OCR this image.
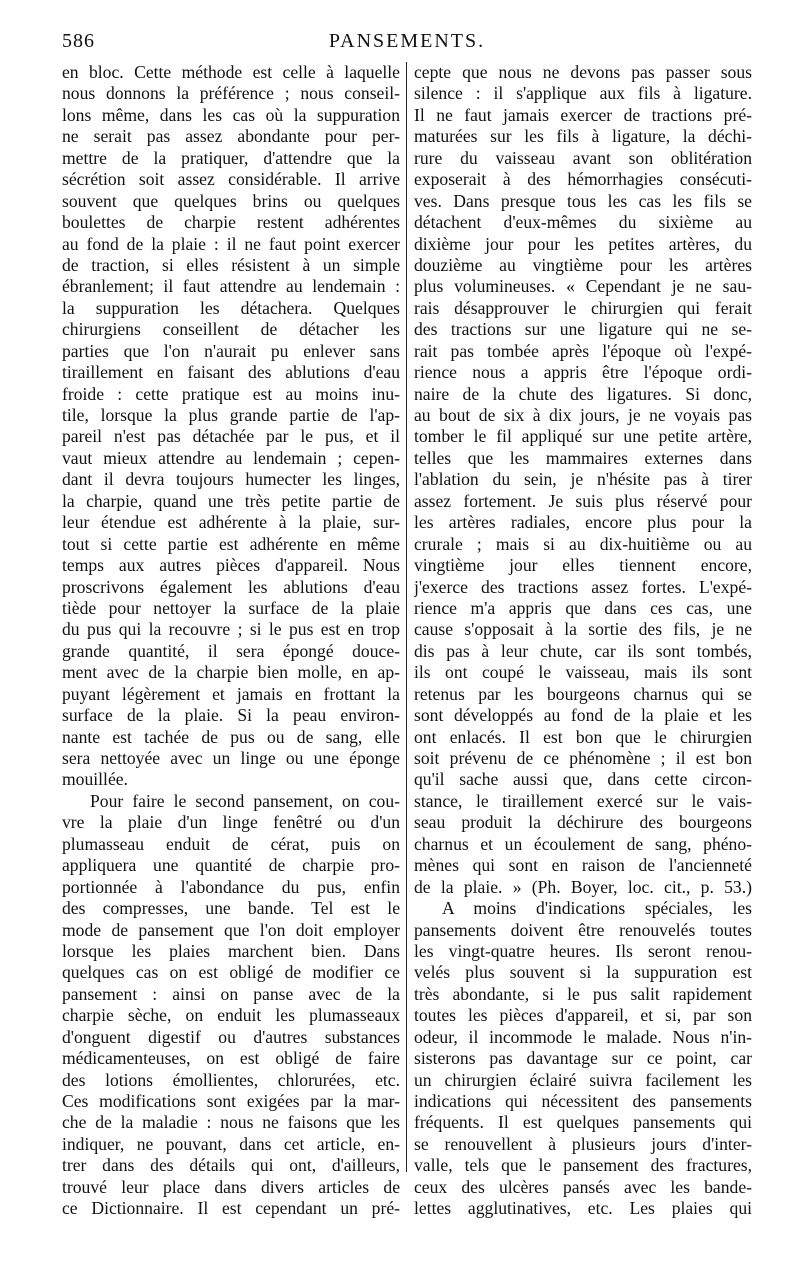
586	PANSEMENTS.
en bloc. Cette méthode est celle à laquelle
nous donnons la préférence ; nous conseil-
lons même, dans les cas où la suppuration
ne serait pas assez abondante pour per-
mettre de la pratiquer, d'attendre que la
sécrétion soit assez considérable. Il arrive
souvent que quelques brins ou quelques
boulettes de charpie restent adhérentes
au fond de la plaie : il ne faut point exercer
de traction, si elles résistent à un simple
ébranlement; il faut attendre au lendemain :
la suppuration les détachera. Quelques
chirurgiens conseillent de détacher les
parties que l'on n'aurait pu enlever sans
tiraillement en faisant des ablutions d'eau
froide : cette pratique est au moins inu-
tile, lorsque la plus grande partie de l'ap-
pareil n'est pas détachée par le pus, et il
vaut mieux attendre au lendemain ; cepen-
dant il devra toujours humecter les linges,
la charpie, quand une très petite partie de
leur étendue est adhérente à la plaie, sur-
tout si cette partie est adhérente en même
temps aux autres pièces d'appareil. Nous
proscrivons également les ablutions d'eau
tiède pour nettoyer la surface de la plaie
du pus qui la recouvre ; si le pus est en trop
grande quantité, il sera épongé douce-
ment avec de la charpie bien molle, en ap-
puyant légèrement et jamais en frottant la
surface de la plaie. Si la peau environ-
nante est tachée de pus ou de sang, elle
sera nettoyée avec un linge ou une éponge
mouillée.
Pour faire le second pansement, on cou-
vre la plaie d'un linge fenêtré ou d'un
plumasseau enduit de cérat, puis on
appliquera une quantité de charpie pro-
portionnée à l'abondance du pus, enfin
des compresses, une bande. Tel est le
mode de pansement que l'on doit employer
lorsque les plaies marchent bien. Dans
quelques cas on est obligé de modifier ce
pansement : ainsi on panse avec de la
charpie sèche, on enduit les plumasseaux
d'onguent digestif ou d'autres substances
médicamenteuses, on est obligé de faire
des lotions émollientes, chlorurées, etc.
Ces modifications sont exigées par la mar-
che de la maladie : nous ne faisons que les
indiquer, ne pouvant, dans cet article, en-
trer dans des détails qui ont, d'ailleurs,
trouvé leur place dans divers articles de
ce Dictionnaire. Il est cependant un pré-
cepte que nous ne devons pas passer sous
silence : il s'applique aux fils à ligature.
Il ne faut jamais exercer de tractions pré-
maturées sur les fils à ligature, la déchi-
rure du vaisseau avant son oblitération
exposerait à des hémorrhagies consécuti-
ves. Dans presque tous les cas les fils se
détachent d'eux-mêmes du sixième au
dixième jour pour les petites artères, du
douzième au vingtième pour les artères
plus volumineuses. « Cependant je ne sau-
rais désapprouver le chirurgien qui ferait
des tractions sur une ligature qui ne se-
rait pas tombée après l'époque où l'expé-
rience nous a appris être l'époque ordi-
naire de la chute des ligatures. Si donc,
au bout de six à dix jours, je ne voyais pas
tomber le fil appliqué sur une petite artère,
telles que les mammaires externes dans
l'ablation du sein, je n'hésite pas à tirer
assez fortement. Je suis plus réservé pour
les artères radiales, encore plus pour la
crurale ; mais si au dix-huitième ou au
vingtième jour elles tiennent encore,
j'exerce des tractions assez fortes. L'expé-
rience m'a appris que dans ces cas, une
cause s'opposait à la sortie des fils, je ne
dis pas à leur chute, car ils sont tombés,
ils ont coupé le vaisseau, mais ils sont
retenus par les bourgeons charnus qui se
sont développés au fond de la plaie et les
ont enlacés. Il est bon que le chirurgien
soit prévenu de ce phénomène ; il est bon
qu'il sache aussi que, dans cette circon-
stance, le tiraillement exercé sur le vais-
seau produit la déchirure des bourgeons
charnus et un écoulement de sang, phéno-
mènes qui sont en raison de l'ancienneté
de la plaie. » (Ph. Boyer, loc. cit., p. 53.)
A moins d'indications spéciales, les
pansements doivent être renouvelés toutes
les vingt-quatre heures. Ils seront renou-
velés plus souvent si la suppuration est
très abondante, si le pus salit rapidement
toutes les pièces d'appareil, et si, par son
odeur, il incommode le malade. Nous n'in-
sisterons pas davantage sur ce point, car
un chirurgien éclairé suivra facilement les
indications qui nécessitent des pansements
fréquents. Il est quelques pansements qui
se renouvellent à plusieurs jours d'inter-
valle, tels que le pansement des fractures,
ceux des ulcères pansés avec les bande-
lettes agglutinatives, etc. Les plaies qui
